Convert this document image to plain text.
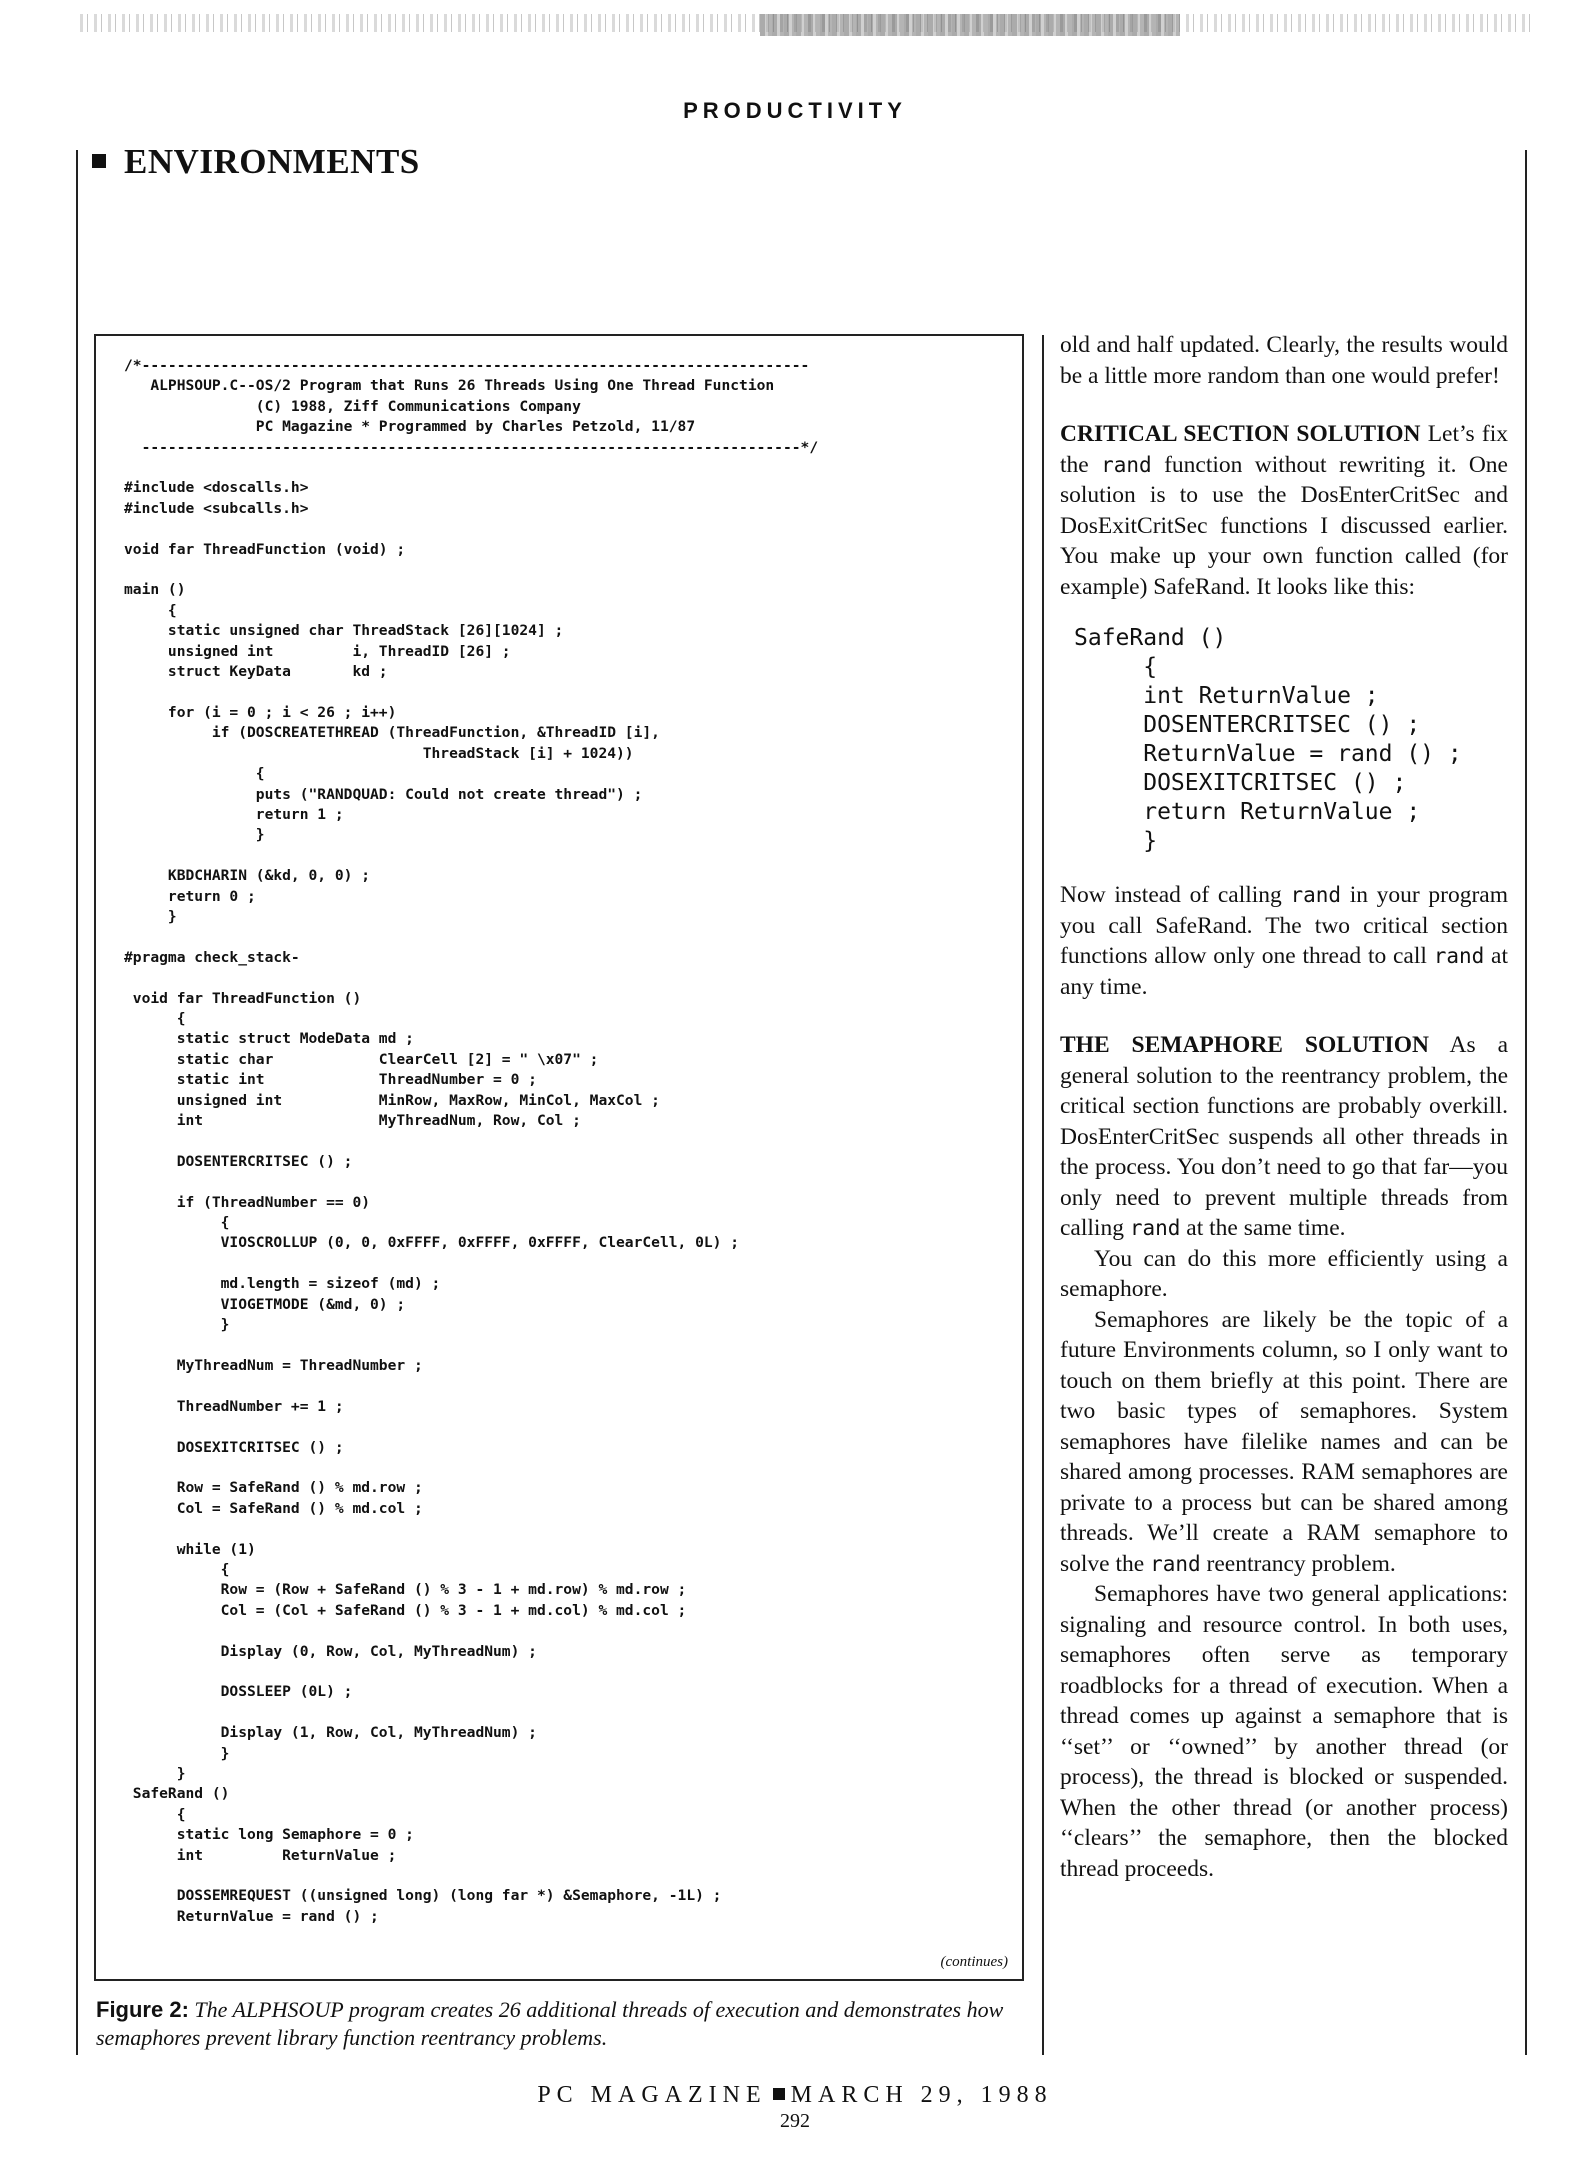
PRODUCTIVITY
ENVIRONMENTS
/*----------------------------------------------------------------------------
ALPHSOUP.C--OS/2 Program that Runs 26 Threads Using One Thread Function
(C) 1988, Ziff Communications Company
PC Magazine * Programmed by Charles Petzold, 11/87
---------------------------------------------------------------------------*/

#include <doscalls.h>
#include <subcalls.h>

void far ThreadFunction (void) ;

main ()
{
static unsigned char ThreadStack [26][1024] ;
unsigned int         i, ThreadID [26] ;
struct KeyData       kd ;

for (i = 0 ; i < 26 ; i++)
if (DOSCREATETHREAD (ThreadFunction, &ThreadID [i],
ThreadStack [i] + 1024))
{
puts ("RANDQUAD: Could not create thread") ;
return 1 ;
}

KBDCHARIN (&kd, 0, 0) ;
return 0 ;
}

#pragma check_stack-

void far ThreadFunction ()
{
static struct ModeData md ;
static char            ClearCell [2] = " \x07" ;
static int             ThreadNumber = 0 ;
unsigned int           MinRow, MaxRow, MinCol, MaxCol ;
int                    MyThreadNum, Row, Col ;

DOSENTERCRITSEC () ;

if (ThreadNumber == 0)
{
VIOSCROLLUP (0, 0, 0xFFFF, 0xFFFF, 0xFFFF, ClearCell, 0L) ;

md.length = sizeof (md) ;
VIOGETMODE (&md, 0) ;
}

MyThreadNum = ThreadNumber ;

ThreadNumber += 1 ;

DOSEXITCRITSEC () ;

Row = SafeRand () % md.row ;
Col = SafeRand () % md.col ;

while (1)
{
Row = (Row + SafeRand () % 3 - 1 + md.row) % md.row ;
Col = (Col + SafeRand () % 3 - 1 + md.col) % md.col ;

Display (0, Row, Col, MyThreadNum) ;

DOSSLEEP (0L) ;

Display (1, Row, Col, MyThreadNum) ;
}
}
SafeRand ()
{
static long Semaphore = 0 ;
int         ReturnValue ;

DOSSEMREQUEST ((unsigned long) (long far *) &Semaphore, -1L) ;
ReturnValue = rand () ;
(continues)
Figure 2: The ALPHSOUP program creates 26 additional threads of execution and demonstrates how semaphores prevent library function reentrancy problems.

old and half updated. Clearly, the results would be a little more random than one would prefer!

CRITICAL SECTION SOLUTION Let’s fix the rand function without rewriting it. One solution is to use the DosEnterCritSec and DosExitCritSec functions I discussed earlier. You make up your own function called (for example) SafeRand. It looks like this:

SafeRand ()
{
int ReturnValue ;
DOSENTERCRITSEC () ;
ReturnValue = rand () ;
DOSEXITCRITSEC () ;
return ReturnValue ;
}

Now instead of calling rand in your program you call SafeRand. The two critical section functions allow only one thread to call rand at any time.

THE SEMAPHORE SOLUTION As a general solution to the reentrancy problem, the critical section functions are probably overkill. DosEnterCritSec suspends all other threads in the process. You don’t need to go that far—you only need to prevent multiple threads from calling rand at the same time.

You can do this more efficiently using a semaphore.

Semaphores are likely be the topic of a future Environments column, so I only want to touch on them briefly at this point. There are two basic types of semaphores. System semaphores have filelike names and can be shared among processes. RAM semaphores are private to a process but can be shared among threads. We’ll create a RAM semaphore to solve the rand reentrancy problem.

Semaphores have two general applications: signaling and resource control. In both uses, semaphores often serve as temporary roadblocks for a thread of execution. When a thread comes up against a semaphore that is ‘‘set’’ or ‘‘owned’’ by another thread (or process), the thread is blocked or suspended. When the other thread (or another process) ‘‘clears’’ the semaphore, then the blocked thread proceeds.

PC MAGAZINE MARCH 29, 1988
292
